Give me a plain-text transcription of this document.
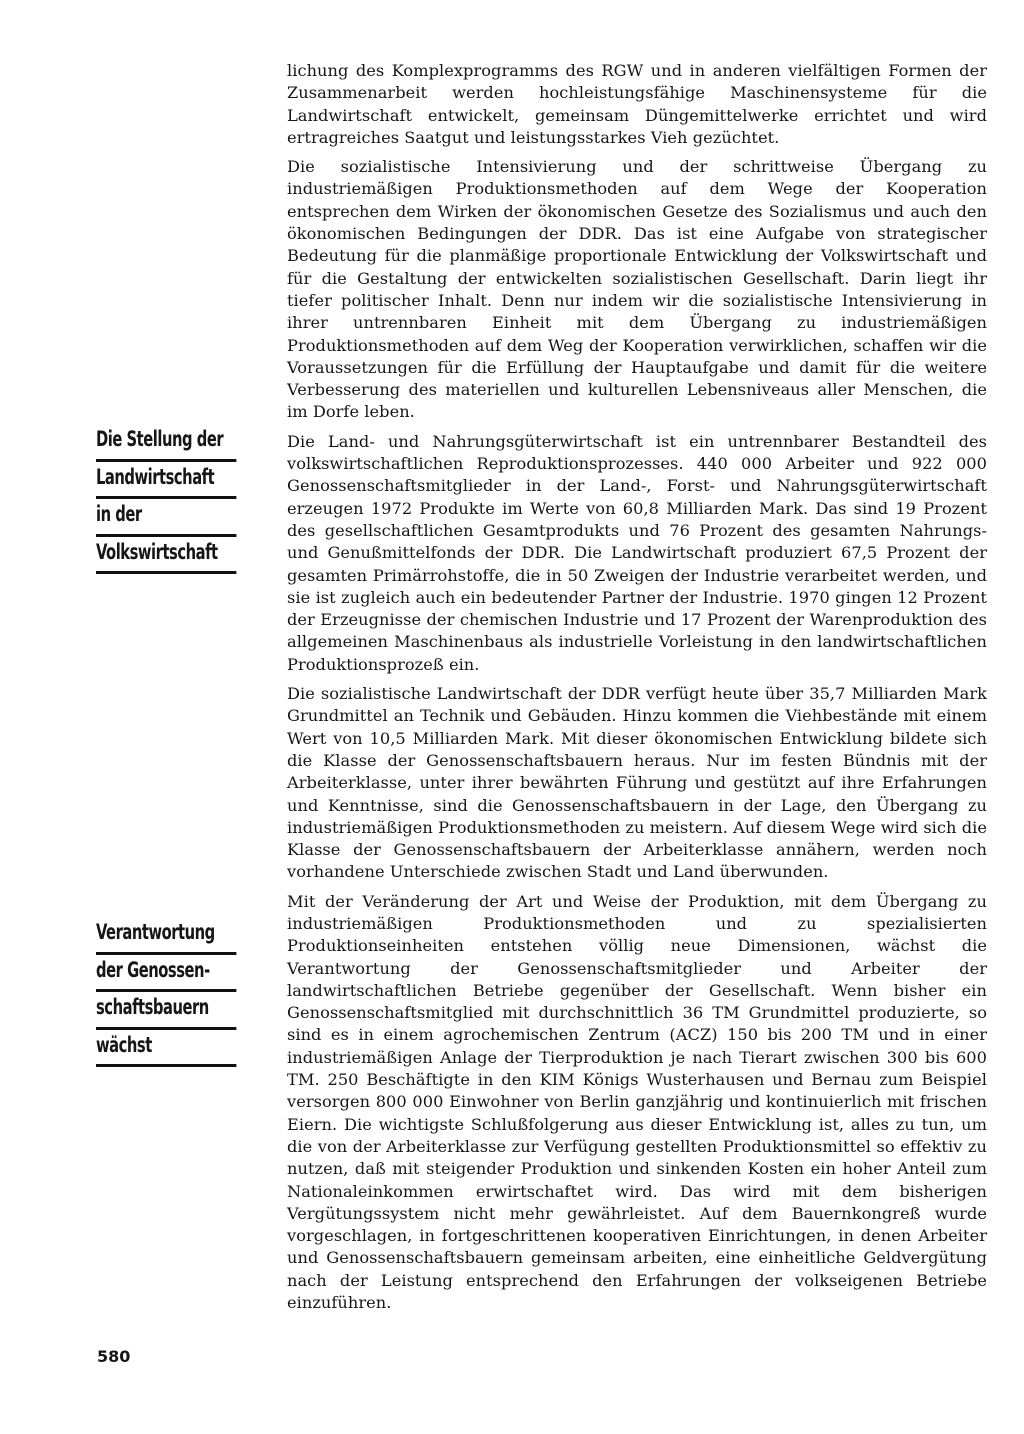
Die Stellung der
Landwirtschaft
in der
Volkswirtschaft
Verantwortung
der Genossen-
schaftsbauern
wächst

lichung des Komplexprogramms des RGW und in anderen vielfältigen Formen der Zusammenarbeit werden hochleistungsfähige Maschinensysteme für die Landwirtschaft entwickelt, gemeinsam Düngemittelwerke errichtet und wird ertragreiches Saatgut und leistungsstarkes Vieh gezüchtet.

Die sozialistische Intensivierung und der schrittweise Übergang zu industriemäßigen Produktionsmethoden auf dem Wege der Kooperation entsprechen dem Wirken der ökonomischen Gesetze des Sozialismus und auch den ökonomischen Bedingungen der DDR. Das ist eine Aufgabe von strategischer Bedeutung für die planmäßige proportionale Entwicklung der Volkswirtschaft und für die Gestaltung der entwickelten sozialistischen Gesellschaft. Darin liegt ihr tiefer politischer Inhalt. Denn nur indem wir die sozialistische Intensivierung in ihrer untrennbaren Einheit mit dem Übergang zu industriemäßigen Produktionsmethoden auf dem Weg der Kooperation verwirklichen, schaffen wir die Voraussetzungen für die Erfüllung der Hauptaufgabe und damit für die weitere Verbesserung des materiellen und kulturellen Lebensniveaus aller Menschen, die im Dorfe leben.

Die Land- und Nahrungsgüterwirtschaft ist ein untrennbarer Bestandteil des volkswirtschaftlichen Reproduktionsprozesses. 440 000 Arbeiter und 922 000 Genossenschaftsmitglieder in der Land-, Forst- und Nahrungsgüterwirtschaft erzeugen 1972 Produkte im Werte von 60,8 Milliarden Mark. Das sind 19 Prozent des gesellschaftlichen Gesamtprodukts und 76 Prozent des gesamten Nahrungs- und Genußmittelfonds der DDR. Die Landwirtschaft produziert 67,5 Prozent der gesamten Primärrohstoffe, die in 50 Zweigen der Industrie verarbeitet werden, und sie ist zugleich auch ein bedeutender Partner der Industrie. 1970 gingen 12 Prozent der Erzeugnisse der chemischen Industrie und 17 Prozent der Warenproduktion des allgemeinen Maschinenbaus als industrielle Vorleistung in den landwirtschaftlichen Produktionsprozeß ein.

Die sozialistische Landwirtschaft der DDR verfügt heute über 35,7 Milliarden Mark Grundmittel an Technik und Gebäuden. Hinzu kommen die Viehbestände mit einem Wert von 10,5 Milliarden Mark. Mit dieser ökonomischen Entwicklung bildete sich die Klasse der Genossenschaftsbauern heraus. Nur im festen Bündnis mit der Arbeiterklasse, unter ihrer bewährten Führung und gestützt auf ihre Erfahrungen und Kenntnisse, sind die Genossenschaftsbauern in der Lage, den Übergang zu industriemäßigen Produktionsmethoden zu meistern. Auf diesem Wege wird sich die Klasse der Genossenschaftsbauern der Arbeiterklasse annähern, werden noch vorhandene Unterschiede zwischen Stadt und Land überwunden.

Mit der Veränderung der Art und Weise der Produktion, mit dem Übergang zu industriemäßigen Produktionsmethoden und zu spezialisierten Produktionseinheiten entstehen völlig neue Dimensionen, wächst die Verantwortung der Genossenschaftsmitglieder und Arbeiter der landwirtschaftlichen Betriebe gegenüber der Gesellschaft. Wenn bisher ein Genossenschaftsmitglied mit durchschnittlich 36 TM Grundmittel produzierte, so sind es in einem agrochemischen Zentrum (ACZ) 150 bis 200 TM und in einer industriemäßigen Anlage der Tierproduktion je nach Tierart zwischen 300 bis 600 TM. 250 Beschäftigte in den KIM Königs Wusterhausen und Bernau zum Beispiel versorgen 800 000 Einwohner von Berlin ganzjährig und kontinuierlich mit frischen Eiern. Die wichtigste Schlußfolgerung aus dieser Entwicklung ist, alles zu tun, um die von der Arbeiterklasse zur Verfügung gestellten Produktionsmittel so effektiv zu nutzen, daß mit steigender Produktion und sinkenden Kosten ein hoher Anteil zum Nationaleinkommen erwirtschaftet wird. Das wird mit dem bisherigen Vergütungssystem nicht mehr gewährleistet. Auf dem Bauernkongreß wurde vorgeschlagen, in fortgeschrittenen kooperativen Einrichtungen, in denen Arbeiter und Genossenschaftsbauern gemeinsam arbeiten, eine einheitliche Geldvergütung nach der Leistung entsprechend den Erfahrungen der volkseigenen Betriebe einzuführen.

580
